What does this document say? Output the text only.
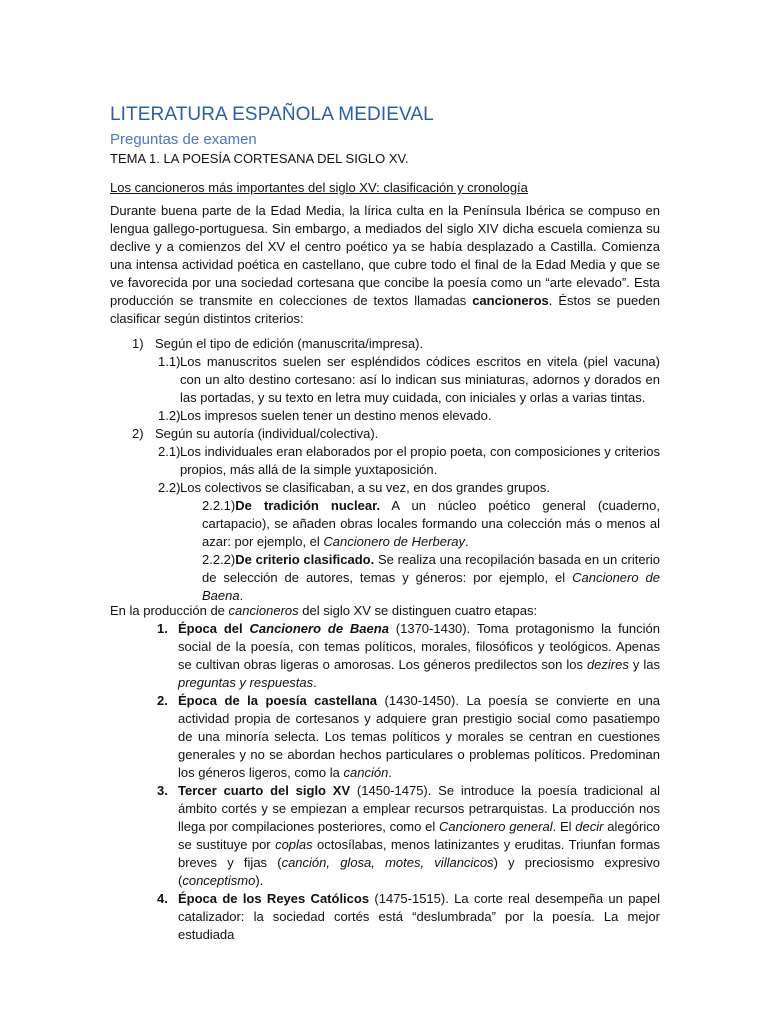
LITERATURA ESPAÑOLA MEDIEVAL
Preguntas de examen
TEMA 1. LA POESÍA CORTESANA DEL SIGLO XV.
Los cancioneros más importantes del siglo XV: clasificación y cronología
Durante buena parte de la Edad Media, la lírica culta en la Península Ibérica se compuso en lengua gallego-portuguesa. Sin embargo, a mediados del siglo XIV dicha escuela comienza su declive y a comienzos del XV el centro poético ya se había desplazado a Castilla. Comienza una intensa actividad poética en castellano, que cubre todo el final de la Edad Media y que se ve favorecida por una sociedad cortesana que concibe la poesía como un “arte elevado”. Esta producción se transmite en colecciones de textos llamadas cancioneros. Éstos se pueden clasificar según distintos criterios:
1) Según el tipo de edición (manuscrita/impresa).
1.1) Los manuscritos suelen ser espléndidos códices escritos en vitela (piel vacuna) con un alto destino cortesano: así lo indican sus miniaturas, adornos y dorados en las portadas, y su texto en letra muy cuidada, con iniciales y orlas a varias tintas.
1.2) Los impresos suelen tener un destino menos elevado.
2) Según su autoría (individual/colectiva).
2.1) Los individuales eran elaborados por el propio poeta, con composiciones y criterios propios, más allá de la simple yuxtaposición.
2.2) Los colectivos se clasificaban, a su vez, en dos grandes grupos.
2.2.1)De tradición nuclear. A un núcleo poético general (cuaderno, cartapacio), se añaden obras locales formando una colección más o menos al azar: por ejemplo, el Cancionero de Herberay.
2.2.2)De criterio clasificado. Se realiza una recopilación basada en un criterio de selección de autores, temas y géneros: por ejemplo, el Cancionero de Baena.
En la producción de cancioneros del siglo XV se distinguen cuatro etapas:
1. Época del Cancionero de Baena (1370-1430). Toma protagonismo la función social de la poesía, con temas políticos, morales, filosóficos y teológicos. Apenas se cultivan obras ligeras o amorosas. Los géneros predilectos son los dezires y las preguntas y respuestas.
2. Época de la poesía castellana (1430-1450). La poesía se convierte en una actividad propia de cortesanos y adquiere gran prestigio social como pasatiempo de una minoría selecta. Los temas políticos y morales se centran en cuestiones generales y no se abordan hechos particulares o problemas políticos. Predominan los géneros ligeros, como la canción.
3. Tercer cuarto del siglo XV (1450-1475). Se introduce la poesía tradicional al ámbito cortés y se empiezan a emplear recursos petrarquistas. La producción nos llega por compilaciones posteriores, como el Cancionero general. El decir alegórico se sustituye por coplas octosílabas, menos latinizantes y eruditas. Triunfan formas breves y fijas (canción, glosa, motes, villancicos) y preciosismo expresivo (conceptismo).
4. Época de los Reyes Católicos (1475-1515). La corte real desempeña un papel catalizador: la sociedad cortés está “deslumbrada” por la poesía. La mejor estudiada
